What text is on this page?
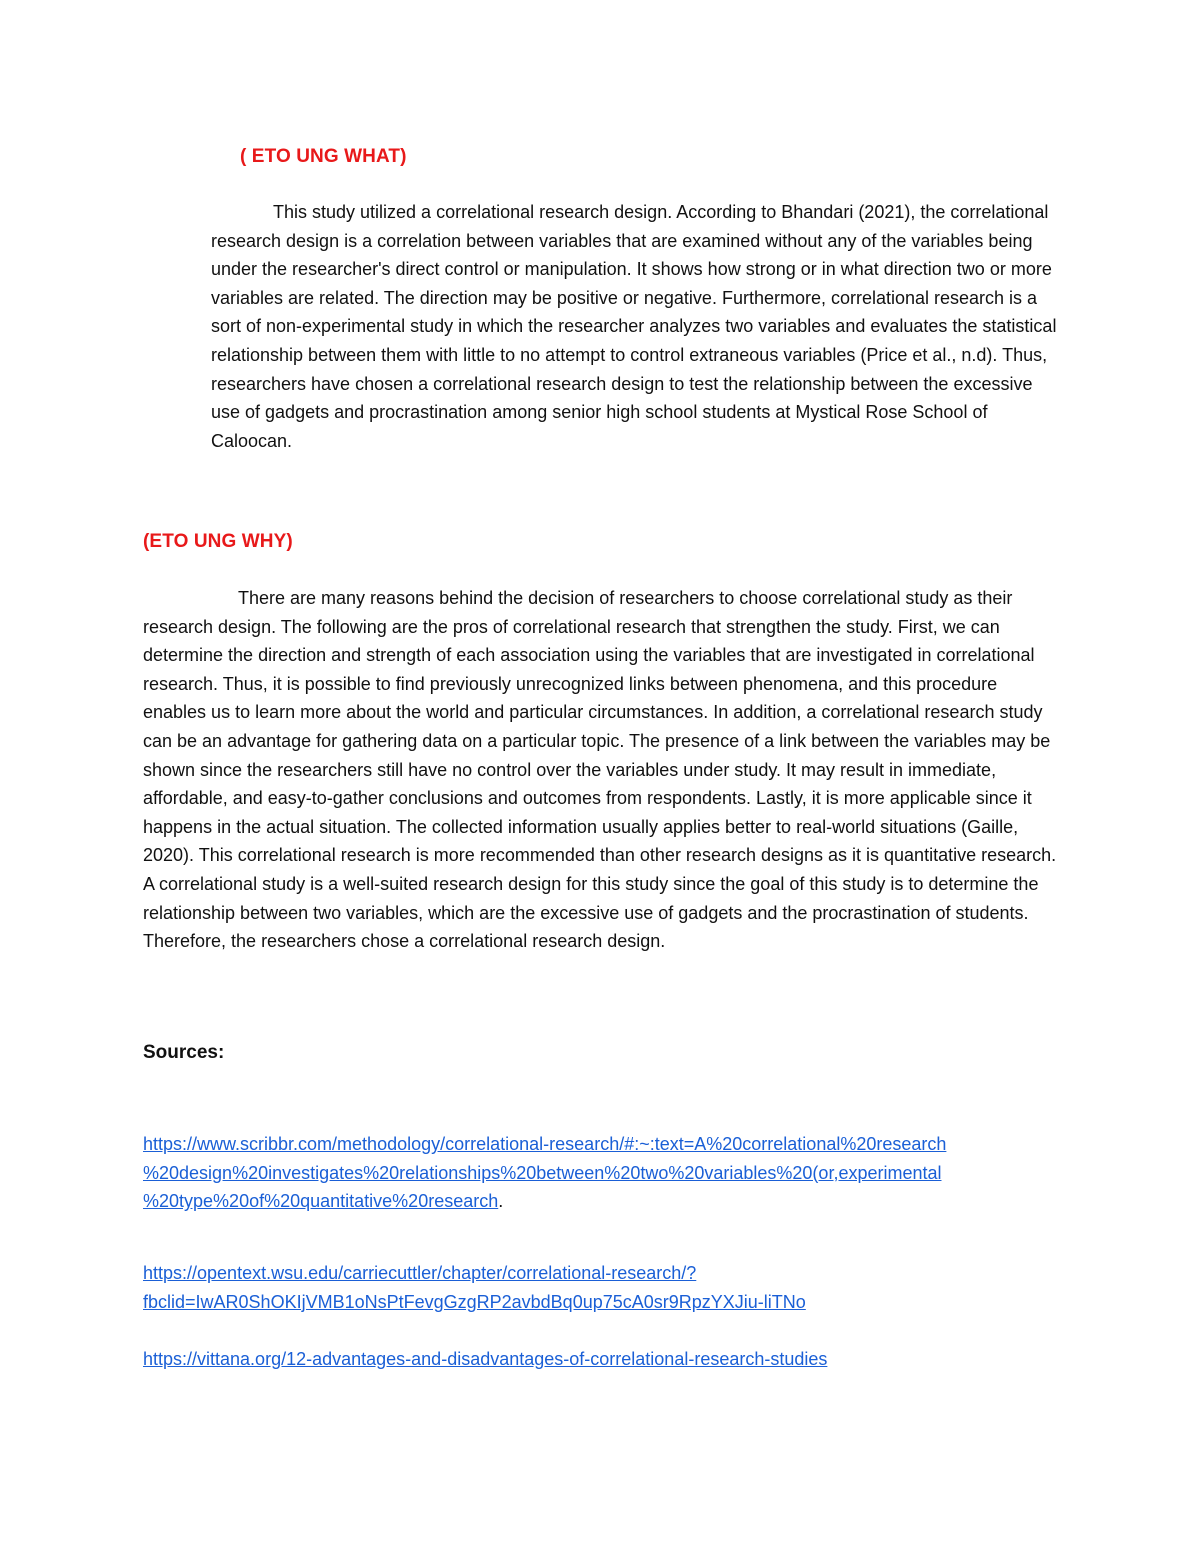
( ETO UNG WHAT)

This study utilized a correlational research design. According to Bhandari (2021), the correlational research design is a correlation between variables that are examined without any of the variables being under the researcher's direct control or manipulation. It shows how strong or in what direction two or more variables are related. The direction may be positive or negative. Furthermore, correlational research is a sort of non-experimental study in which the researcher analyzes two variables and evaluates the statistical relationship between them with little to no attempt to control extraneous variables (Price et al., n.d). Thus, researchers have chosen a correlational research design to test the relationship between the excessive use of gadgets and procrastination among senior high school students at Mystical Rose School of Caloocan.

(ETO UNG WHY)

There are many reasons behind the decision of researchers to choose correlational study as their research design. The following are the pros of correlational research that strengthen the study. First, we can determine the direction and strength of each association using the variables that are investigated in correlational research. Thus, it is possible to find previously unrecognized links between phenomena, and this procedure enables us to learn more about the world and particular circumstances. In addition, a correlational research study can be an advantage for gathering data on a particular topic. The presence of a link between the variables may be shown since the researchers still have no control over the variables under study. It may result in immediate, affordable, and easy-to-gather conclusions and outcomes from respondents. Lastly, it is more applicable since it happens in the actual situation. The collected information usually applies better to real-world situations (Gaille, 2020). This correlational research is more recommended than other research designs as it is quantitative research. A correlational study is a well-suited research design for this study since the goal of this study is to determine the relationship between two variables, which are the excessive use of gadgets and the procrastination of students. Therefore, the researchers chose a correlational research design.

Sources:
https://www.scribbr.com/methodology/correlational-research/#:~:text=A%20correlational%20research
%20design%20investigates%20relationships%20between%20two%20variables%20(or,experimental
%20type%20of%20quantitative%20research.
https://opentext.wsu.edu/carriecuttler/chapter/correlational-research/?
fbclid=IwAR0ShOKIjVMB1oNsPtFevgGzgRP2avbdBq0up75cA0sr9RpzYXJiu-liTNo
https://vittana.org/12-advantages-and-disadvantages-of-correlational-research-studies
